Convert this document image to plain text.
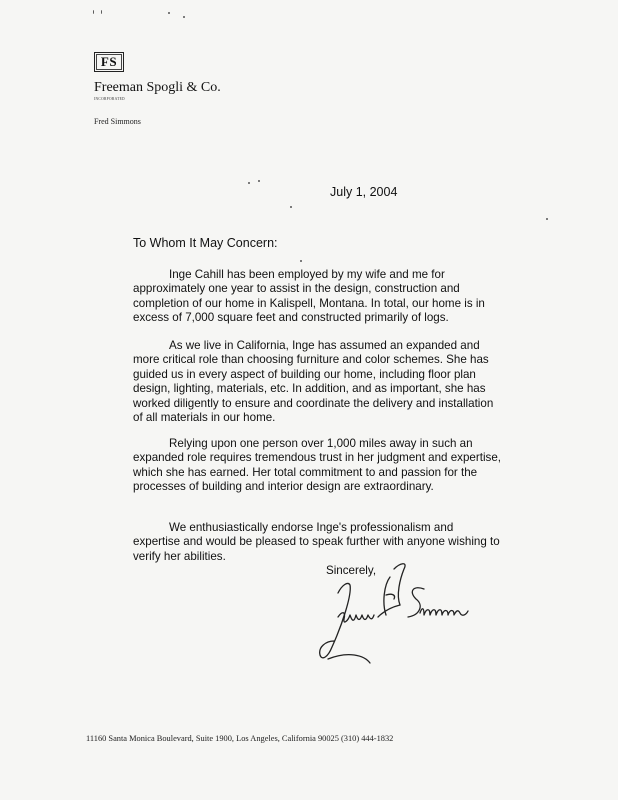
FS
Freeman Spogli & Co.
INCORPORATED
Fred Simmons
July 1, 2004
To Whom It May Concern:
Inge Cahill has been employed by my wife and me for approximately one year to assist in the design, construction and completion of our home in Kalispell, Montana. In total, our home is in excess of 7,000 square feet and constructed primarily of logs.
As we live in California, Inge has assumed an expanded and more critical role than choosing furniture and color schemes. She has guided us in every aspect of building our home, including floor plan design, lighting, materials, etc. In addition, and as important, she has worked diligently to ensure and coordinate the delivery and installation of all materials in our home.
Relying upon one person over 1,000 miles away in such an expanded role requires tremendous trust in her judgment and expertise, which she has earned. Her total commitment to and passion for the processes of building and interior design are extraordinary.
We enthusiastically endorse Inge's professionalism and expertise and would be pleased to speak further with anyone wishing to verify her abilities.
Sincerely,
11160 Santa Monica Boulevard, Suite 1900, Los Angeles, California 90025 (310) 444-1832
